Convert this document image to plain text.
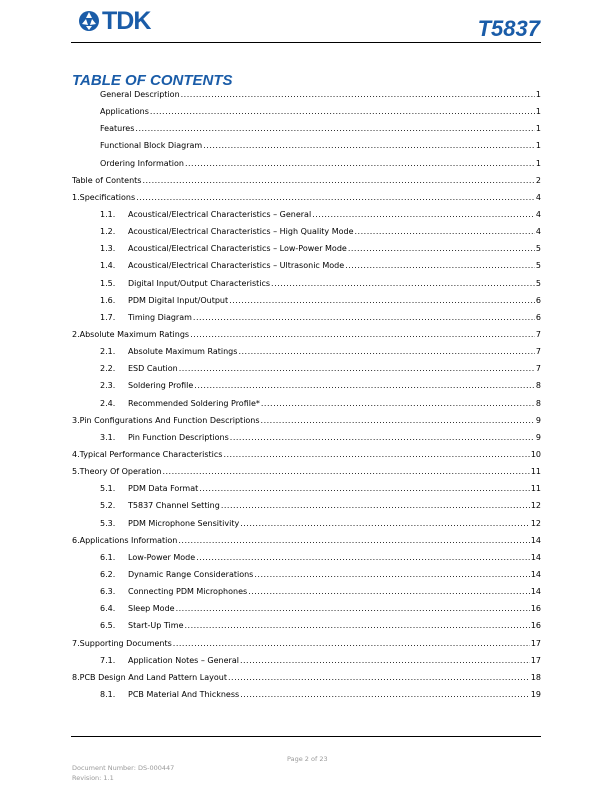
TDK	T5837
TABLE OF CONTENTS
General Description .....	1
Applications .....	1
Features .....	1
Functional Block Diagram .....	1
Ordering Information .....	1
Table of Contents .....	2
1.Specifications .....	4
1.1.	Acoustical/Electrical Characteristics – General .....	4
1.2.	Acoustical/Electrical Characteristics – High Quality Mode .....	4
1.3.	Acoustical/Electrical Characteristics – Low-Power Mode .....	5
1.4.	Acoustical/Electrical Characteristics – Ultrasonic Mode .....	5
1.5.	Digital Input/Output Characteristics .....	5
1.6.	PDM Digital Input/Output .....	6
1.7.	Timing Diagram .....	6
2.Absolute Maximum Ratings .....	7
2.1.	Absolute Maximum Ratings .....	7
2.2.	ESD Caution .....	7
2.3.	Soldering Profile .....	8
2.4.	Recommended Soldering Profile* .....	8
3.Pin Configurations And Function Descriptions .....	9
3.1.	Pin Function Descriptions .....	9
4.Typical Performance Characteristics .....	10
5.Theory Of Operation .....	11
5.1.	PDM Data Format .....	11
5.2.	T5837 Channel Setting .....	12
5.3.	PDM Microphone Sensitivity .....	12
6.Applications Information .....	14
6.1.	Low-Power Mode .....	14
6.2.	Dynamic Range Considerations .....	14
6.3.	Connecting PDM Microphones .....	14
6.4.	Sleep Mode .....	16
6.5.	Start-Up Time .....	16
7.Supporting Documents .....	17
7.1.	Application Notes – General .....	17
8.PCB Design And Land Pattern Layout .....	18
8.1.	PCB Material And Thickness .....	19
Page 2 of 23
Document Number: DS-000447
Revision: 1.1
